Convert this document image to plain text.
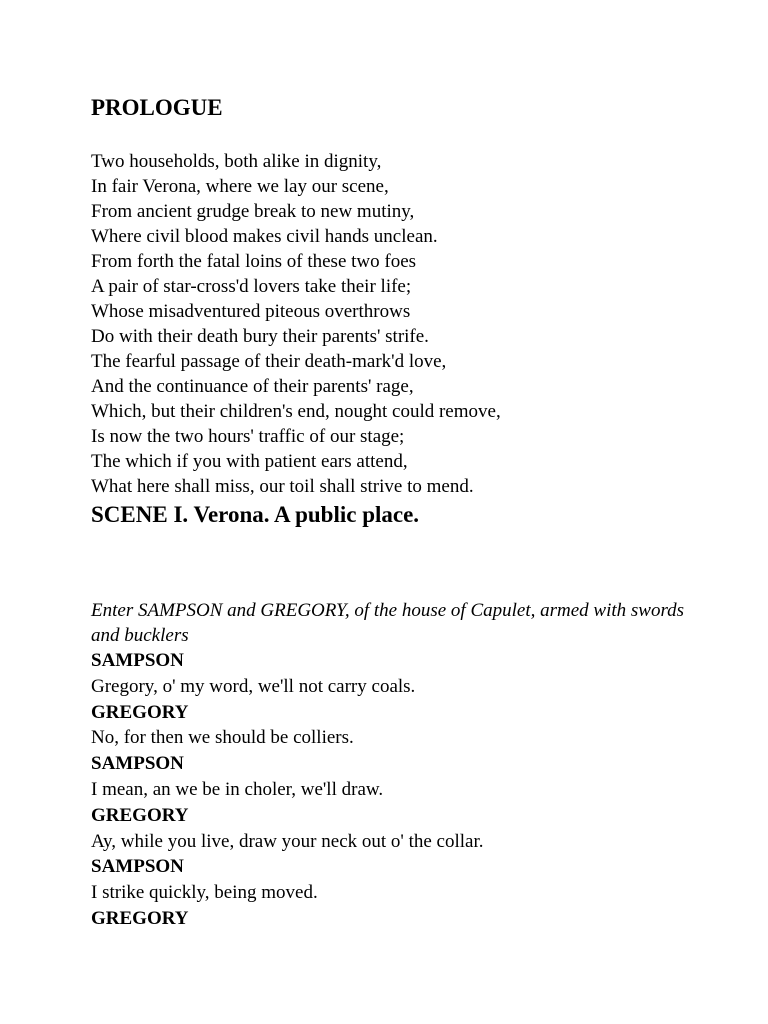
PROLOGUE
Two households, both alike in dignity,
In fair Verona, where we lay our scene,
From ancient grudge break to new mutiny,
Where civil blood makes civil hands unclean.
From forth the fatal loins of these two foes
A pair of star-cross'd lovers take their life;
Whose misadventured piteous overthrows
Do with their death bury their parents' strife.
The fearful passage of their death-mark'd love,
And the continuance of their parents' rage,
Which, but their children's end, nought could remove,
Is now the two hours' traffic of our stage;
The which if you with patient ears attend,
What here shall miss, our toil shall strive to mend.
SCENE I. Verona. A public place.

Enter SAMPSON and GREGORY, of the house of Capulet, armed with swords and bucklers

SAMPSON
Gregory, o' my word, we'll not carry coals.
GREGORY
No, for then we should be colliers.
SAMPSON
I mean, an we be in choler, we'll draw.
GREGORY
Ay, while you live, draw your neck out o' the collar.
SAMPSON
I strike quickly, being moved.
GREGORY
